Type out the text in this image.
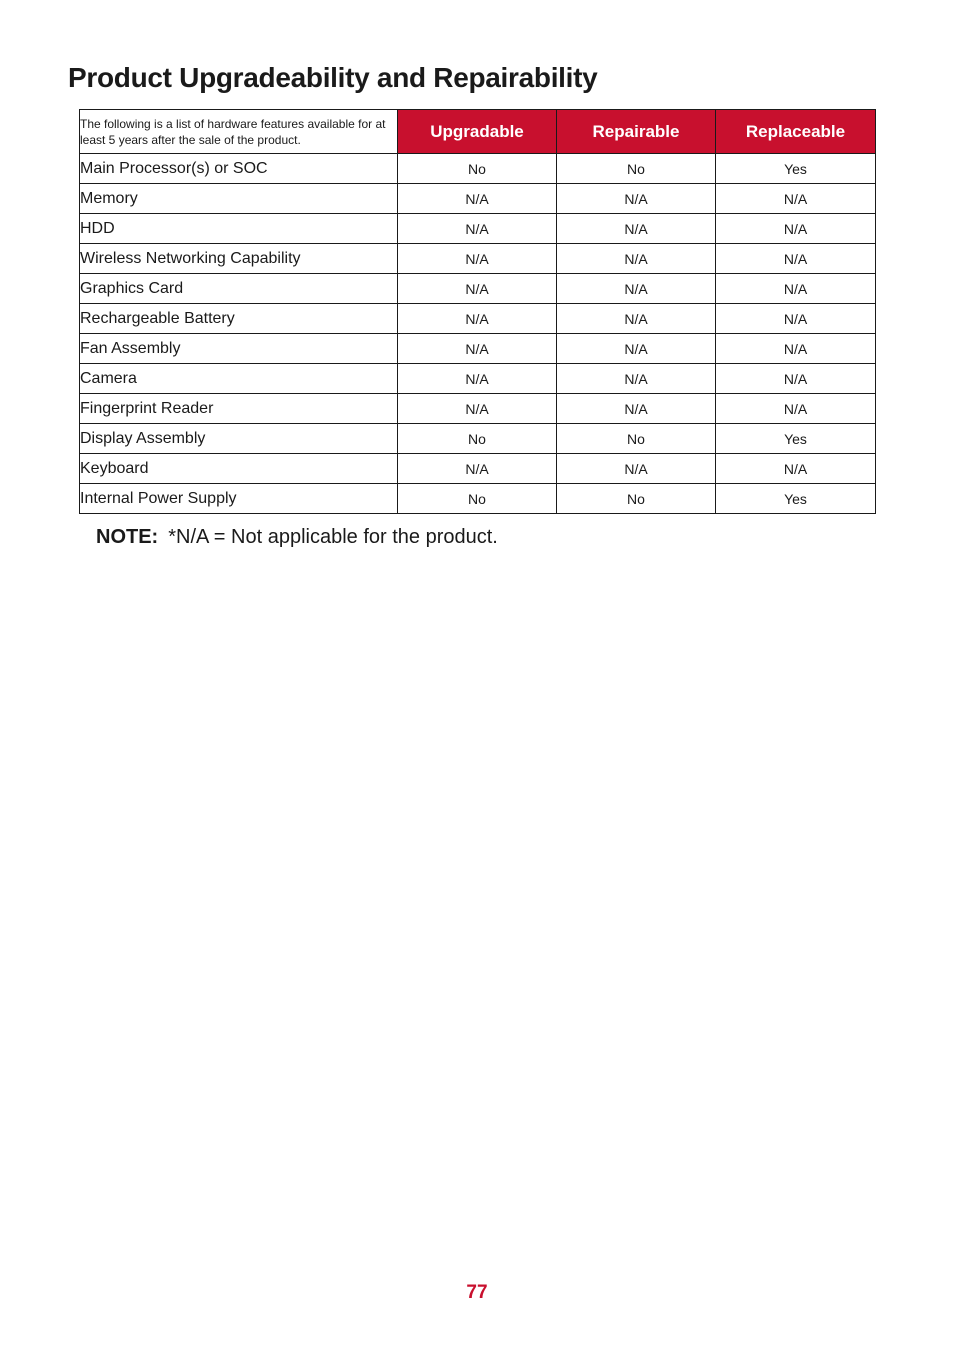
Product Upgradeability and Repairability
The following is a list of hardware features available for at least 5 years after the sale of the product.	Upgradable	Repairable	Replaceable
Main Processor(s) or SOC	No	No	Yes
Memory	N/A	N/A	N/A
HDD	N/A	N/A	N/A
Wireless Networking Capability	N/A	N/A	N/A
Graphics Card	N/A	N/A	N/A
Rechargeable Battery	N/A	N/A	N/A
Fan Assembly	N/A	N/A	N/A
Camera	N/A	N/A	N/A
Fingerprint Reader	N/A	N/A	N/A
Display Assembly	No	No	Yes
Keyboard	N/A	N/A	N/A
Internal Power Supply	No	No	Yes
NOTE: *N/A = Not applicable for the product.
77
